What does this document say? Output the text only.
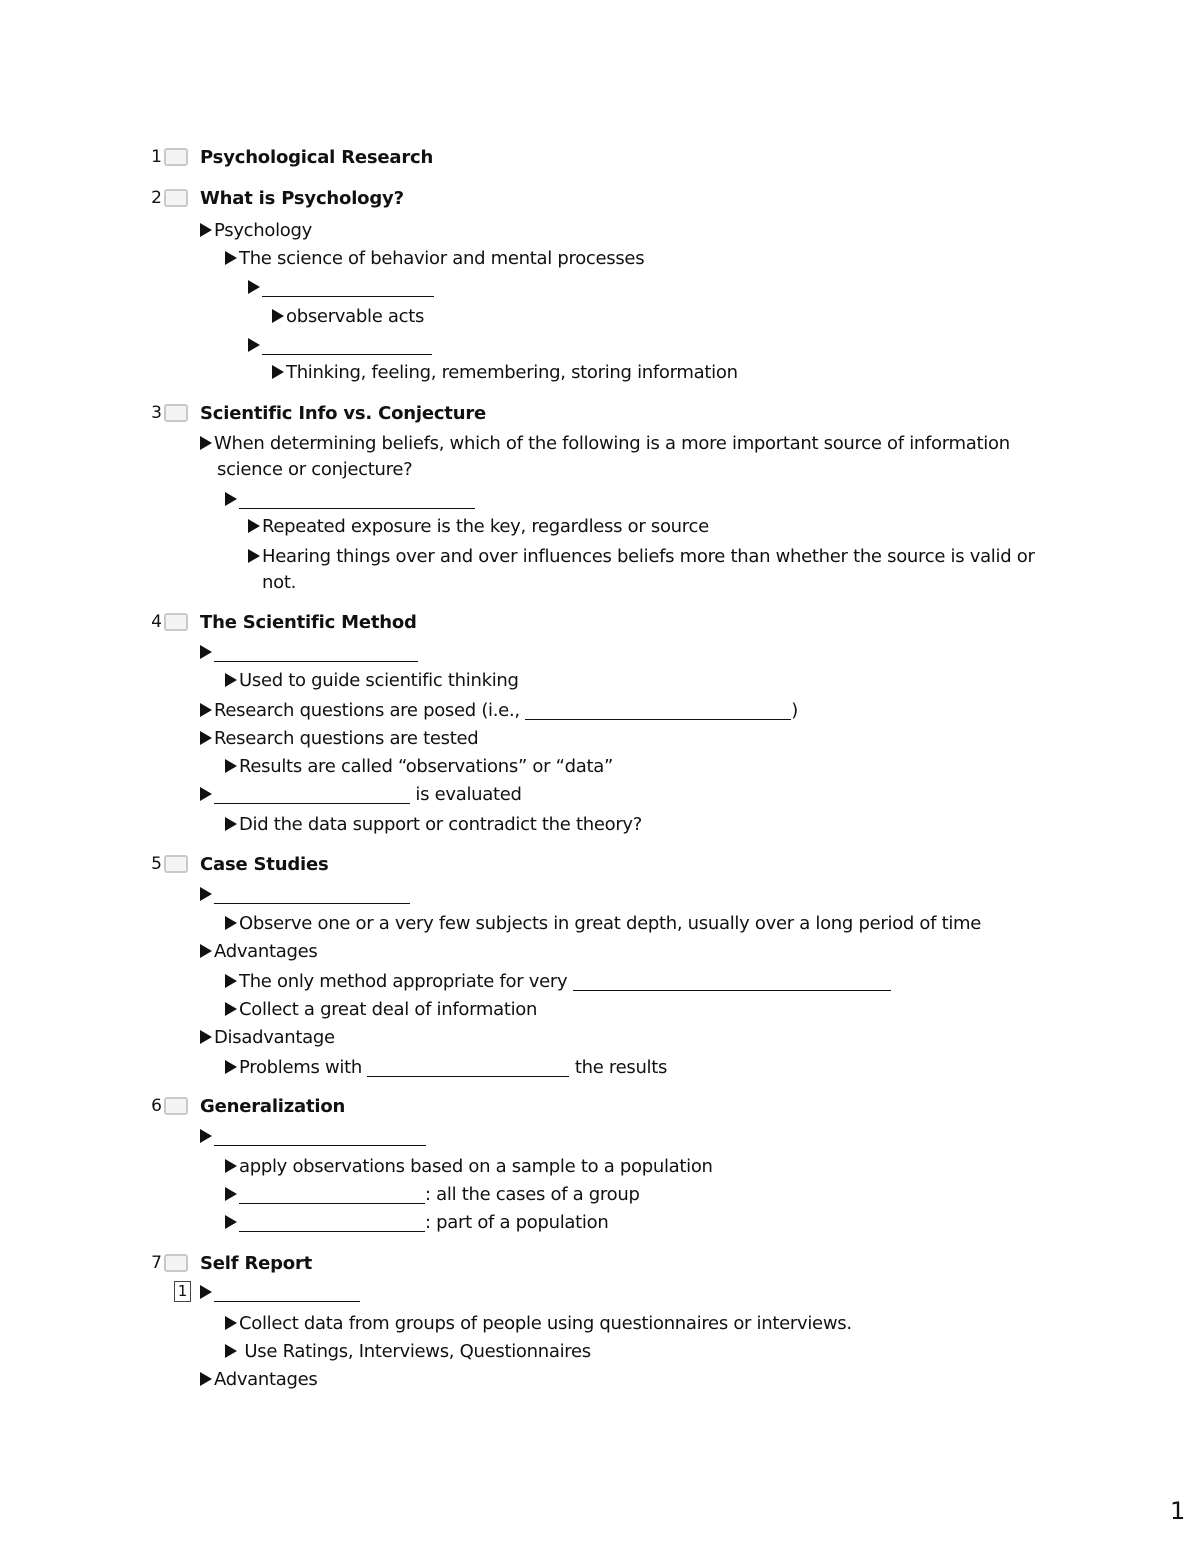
1 Psychological Research
2 What is Psychology?
Psychology
The science of behavior and mental processes
observable acts
Thinking, feeling, remembering, storing information
3 Scientific Info vs. Conjecture
When determining beliefs, which of the following is a more important source of information science or conjecture?
Repeated exposure is the key, regardless or source
Hearing things over and over influences beliefs more than whether the source is valid or not.
4 The Scientific Method
Used to guide scientific thinking
Research questions are posed (i.e.,	)
Research questions are tested
Results are called “observations” or “data”
is evaluated
Did the data support or contradict the theory?
5 Case Studies
Observe one or a very few subjects in great depth, usually over a long period of time
Advantages
The only method appropriate for very
Collect a great deal of information
Disadvantage
Problems with	the results
6 Generalization
apply observations based on a sample to a population
: all the cases of a group
: part of a population
7 Self Report
1
Collect data from groups of people using questionnaires or interviews.
Use Ratings, Interviews, Questionnaires
Advantages
1
